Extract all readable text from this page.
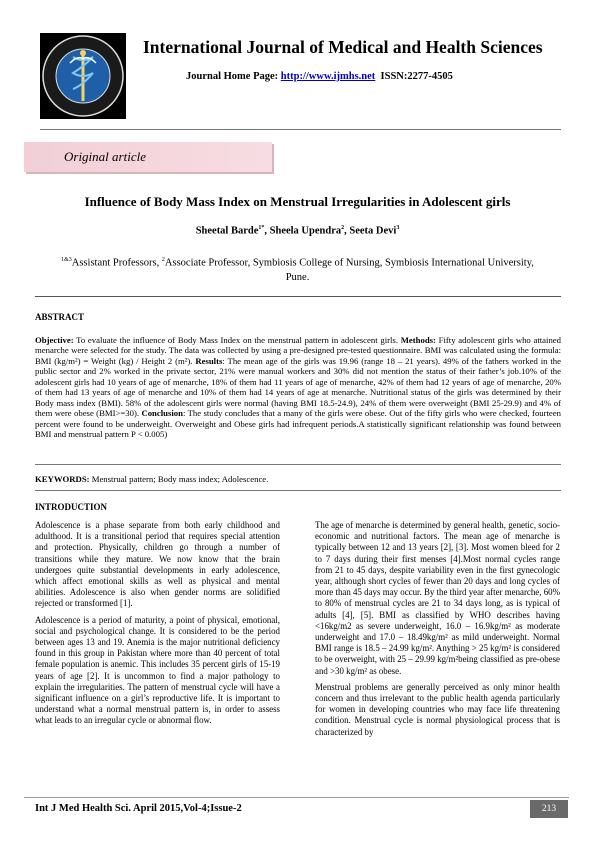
International Journal of Medical and Health Sciences
Journal Home Page: http://www.ijmhs.net ISSN:2277-4505
Original article
Influence of Body Mass Index on Menstrual Irregularities in Adolescent girls
Sheetal Barde$^{1*}$, Sheela Upendra$^2$, Seeta Devi$^3$
$^{1\&3}$Assistant Professors, $^2$Associate Professor, Symbiosis College of Nursing, Symbiosis International University, Pune.
ABSTRACT
Objective: To evaluate the influence of Body Mass Index on the menstrual pattern in adolescent girls. Methods: Fifty adolescent girls who attained menarche were selected for the study. The data was collected by using a pre-designed pre-tested questionnaire. BMI was calculated using the formula: BMI (kg/m²) = Weight (kg) / Height 2 (m²). Results: The mean age of the girls was 19.96 (range 18 – 21 years). 49% of the fathers worked in the public sector and 2% worked in the private sector, 21% were manual workers and 30% did not mention the status of their father’s job.10% of the adolescent girls had 10 years of age of menarche, 18% of them had 11 years of age of menarche, 42% of them had 12 years of age of menarche, 20% of them had 13 years of age of menarche and 10% of them had 14 years of age at menarche. Nutritional status of the girls was determined by their Body mass index (BMI). 58% of the adolescent girls were normal (having BMI 18.5-24.9), 24% of them were overweight (BMI 25-29.9) and 4% of them were obese (BMI>=30). Conclusion: The study concludes that a many of the girls were obese. Out of the fifty girls who were checked, fourteen percent were found to be underweight. Overweight and Obese girls had infrequent periods.A statistically significant relationship was found between BMI and menstrual pattern P < 0.005)
KEYWORDS: Menstrual pattern; Body mass index; Adolescence.
INTRODUCTION

Adolescence is a phase separate from both early childhood and adulthood. It is a transitional period that requires special attention and protection. Physically, children go through a number of transitions while they mature. We now know that the brain undergoes quite substantial developments in early adolescence, which affect emotional skills as well as physical and mental abilities. Adolescence is also when gender norms are solidified rejected or transformed [1].

Adolescence is a period of maturity, a point of physical, emotional, social and psychological change. It is considered to be the period between ages 13 and 19. Anemia is the major nutritional deficiency found in this group in Pakistan where more than 40 percent of total female population is anemic. This includes 35 percent girls of 15-19 years of age [2]. It is uncommon to find a major pathology to explain the irregularities. The pattern of menstrual cycle will have a significant influence on a girl’s reproductive life. It is important to understand what a normal menstrual pattern is, in order to assess what leads to an irregular cycle or abnormal flow.

The age of menarche is determined by general health, genetic, socio-economic and nutritional factors. The mean age of menarche is typically between 12 and 13 years [2], [3]. Most women bleed for 2 to 7 days during their first menses [4].Most normal cycles range from 21 to 45 days, despite variability even in the first gynecologic year, although short cycles of fewer than 20 days and long cycles of more than 45 days may occur. By the third year after menarche, 60% to 80% of menstrual cycles are 21 to 34 days long, as is typical of adults [4], [5]. BMI as classified by WHO describes having <16kg/m2 as severe underweight, 16.0 – 16.9kg/m² as moderate underweight and 17.0 – 18.49kg/m² as mild underweight. Normal BMI range is 18.5 – 24.99 kg/m². Anything > 25 kg/m² is considered to be overweight, with 25 – 29.99 kg/m²being classified as pre-obese and >30 kg/m² as obese.

Menstrual problems are generally perceived as only minor health concern and thus irrelevant to the public health agenda particularly for women in developing countries who may face life threatening condition. Menstrual cycle is normal physiological process that is characterized by

Int J Med Health Sci. April 2015,Vol-4;Issue-2	213
